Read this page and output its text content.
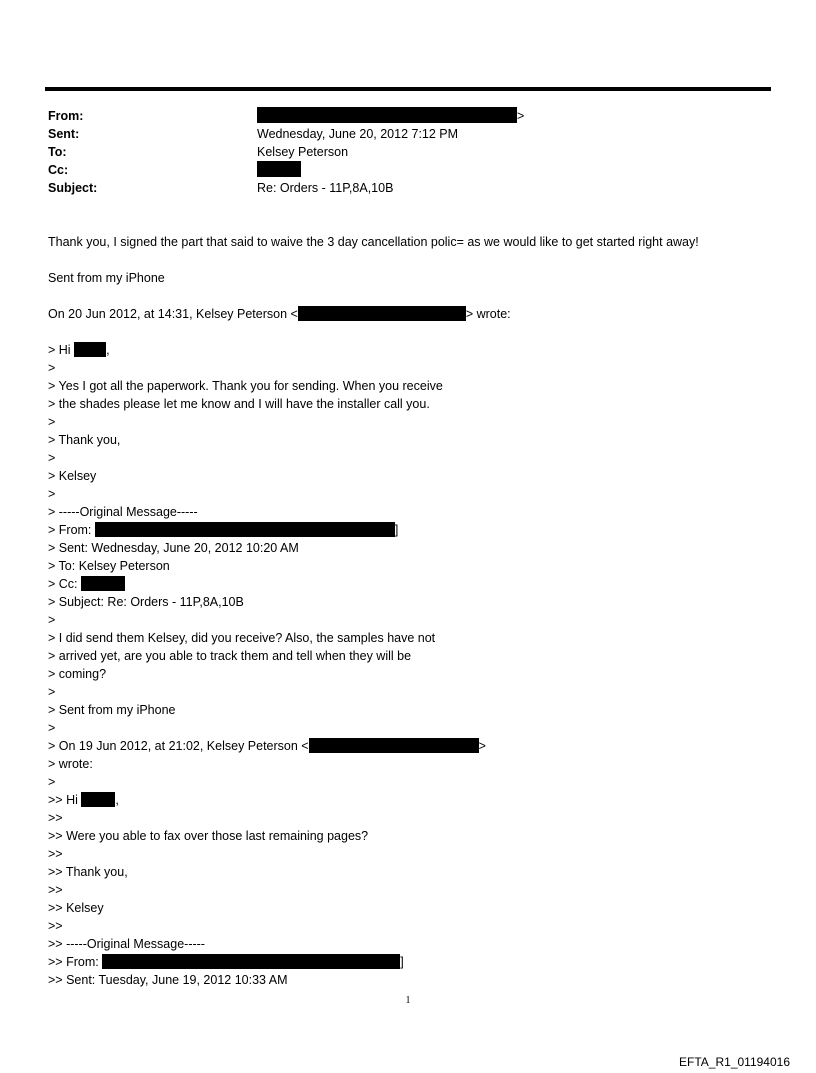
From:	>
Sent:	Wednesday, June 20, 2012 7:12 PM
To:	Kelsey Peterson
Cc:
Subject:	Re: Orders - 11P,8A,10B
Thank you, I signed the part that said to waive the 3 day cancellation polic= as we would like to get started right away!
Sent from my iPhone
On 20 Jun 2012, at 14:31, Kelsey Peterson <	> wrote:
> Hi	,
>
> Yes I got all the paperwork. Thank you for sending. When you receive
> the shades please let me know and I will have the installer call you.
>
> Thank you,
>
> Kelsey
>
> -----Original Message-----
> From:	]
> Sent: Wednesday, June 20, 2012 10:20 AM
> To: Kelsey Peterson
> Cc:
> Subject: Re: Orders - 11P,8A,10B
>
> I did send them Kelsey, did you receive? Also, the samples have not
> arrived yet, are you able to track them and tell when they will be
> coming?
>
> Sent from my iPhone
>
> On 19 Jun 2012, at 21:02, Kelsey Peterson <	>
> wrote:
>
>> Hi	,
>>
>> Were you able to fax over those last remaining pages?
>>
>> Thank you,
>>
>> Kelsey
>>
>> -----Original Message-----
>> From:	]
>> Sent: Tuesday, June 19, 2012 10:33 AM
1
EFTA_R1_01194016
